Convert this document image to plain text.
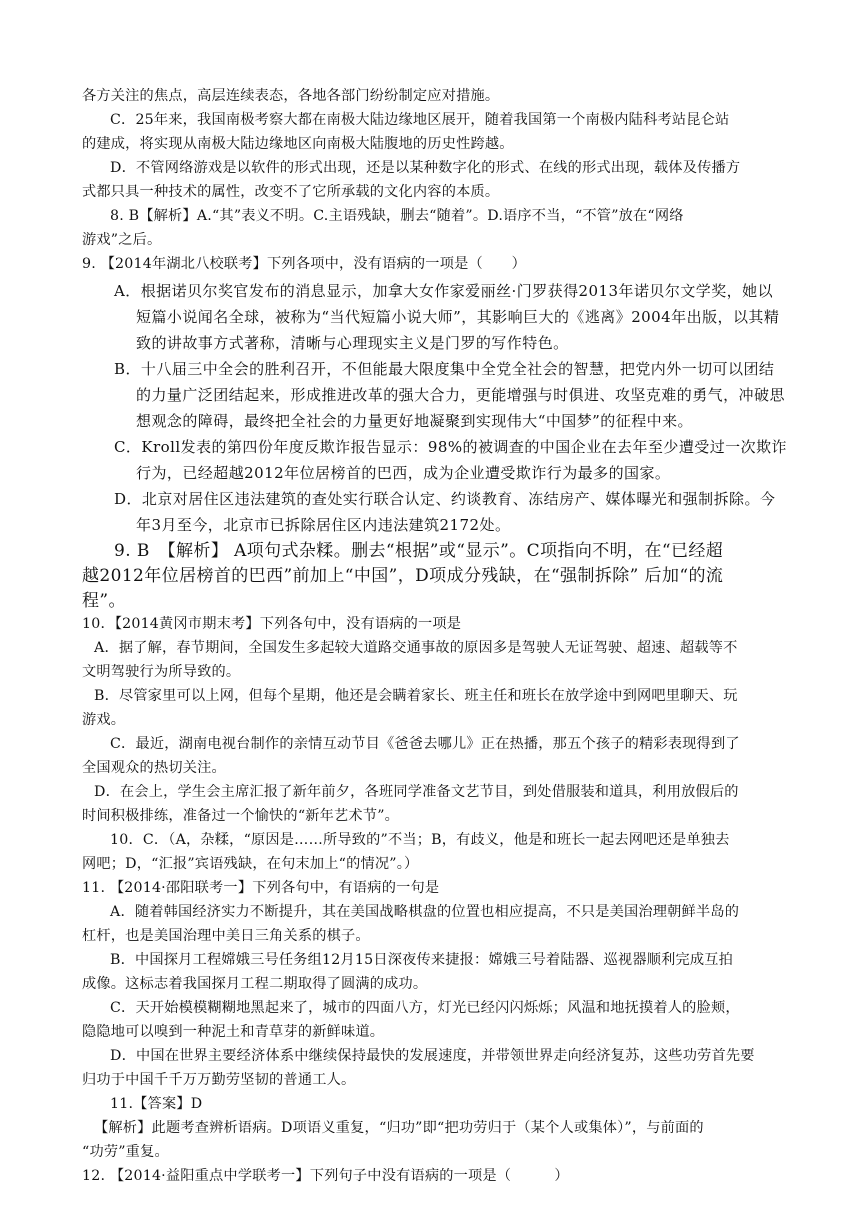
各方关注的焦点，高层连续表态，各地各部门纷纷制定应对措施。
C．25年来，我国南极考察大都在南极大陆边缘地区展开，随着我国第一个南极内陆科考站昆仑站
的建成，将实现从南极大陆边缘地区向南极大陆腹地的历史性跨越。
D．不管网络游戏是以软件的形式出现，还是以某种数字化的形式、在线的形式出现，载体及传播方
式都只具一种技术的属性，改变不了它所承载的文化内容的本质。
8. B【解析】A.“其”表义不明。C.主语残缺，删去“随着”。D.语序不当，“不管”放在“网络
游戏”之后。
9. 【2014年湖北八校联考】下列各项中，没有语病的一项是（　　）
A．根据诺贝尔奖官发布的消息显示，加拿大女作家爱丽丝·门罗获得2013年诺贝尔文学奖，她以
短篇小说闻名全球，被称为“当代短篇小说大师”，其影响巨大的《逃离》2004年出版，以其精
致的讲故事方式著称，清晰与心理现实主义是门罗的写作特色。
B．十八届三中全会的胜利召开，不但能最大限度集中全党全社会的智慧，把党内外一切可以团结
的力量广泛团结起来，形成推进改革的强大合力，更能增强与时俱进、攻坚克难的勇气，冲破思
想观念的障碍，最终把全社会的力量更好地凝聚到实现伟大“中国梦”的征程中来。
C．Kroll发表的第四份年度反欺诈报告显示：98%的被调查的中国企业在去年至少遭受过一次欺诈
行为，已经超越2012年位居榜首的巴西，成为企业遭受欺诈行为最多的国家。
D．北京对居住区违法建筑的查处实行联合认定、约谈教育、冻结房产、媒体曝光和强制拆除。今
年3月至今，北京市已拆除居住区内违法建筑2172处。
9. B　【解析】 A项句式杂糅。删去“根据”或“显示”。C项指向不明，在“已经超
越2012年位居榜首的巴西”前加上“中国”，D项成分残缺，在“强制拆除” 后加“的流
程”。
10．【2014黄冈市期末考】下列各句中，没有语病的一项是
A．据了解，春节期间，全国发生多起较大道路交通事故的原因多是驾驶人无证驾驶、超速、超载等不
文明驾驶行为所导致的。
B．尽管家里可以上网，但每个星期，他还是会瞒着家长、班主任和班长在放学途中到网吧里聊天、玩
游戏。
C．最近，湖南电视台制作的亲情互动节目《爸爸去哪儿》正在热播，那五个孩子的精彩表现得到了
全国观众的热切关注。
D．在会上，学生会主席汇报了新年前夕，各班同学准备文艺节目，到处借服装和道具，利用放假后的
时间积极排练，准备过一个愉快的“新年艺术节”。
10．C．（A，杂糅，“原因是……所导致的”不当；B，有歧义，他是和班长一起去网吧还是单独去
网吧；D，“汇报”宾语残缺，在句末加上“的情况”。）
11. 【2014·邵阳联考一】下列各句中，有语病的一句是
A．随着韩国经济实力不断提升，其在美国战略棋盘的位置也相应提高，不只是美国治理朝鲜半岛的
杠杆，也是美国治理中美日三角关系的棋子。
B．中国探月工程嫦娥三号任务组12月15日深夜传来捷报：嫦娥三号着陆器、巡视器顺利完成互拍
成像。这标志着我国探月工程二期取得了圆满的成功。
C．天开始模模糊糊地黑起来了，城市的四面八方，灯光已经闪闪烁烁；风温和地抚摸着人的脸颊，
隐隐地可以嗅到一种泥土和青草芽的新鲜味道。
D．中国在世界主要经济体系中继续保持最快的发展速度，并带领世界走向经济复苏，这些功劳首先要
归功于中国千千万万勤劳坚韧的普通工人。
11.【答案】D
【解析】此题考查辨析语病。D项语义重复，“归功”即“把功劳归于（某个人或集体）”，与前面的
“功劳”重复。
12. 【2014·益阳重点中学联考一】下列句子中没有语病的一项是（　　　）
